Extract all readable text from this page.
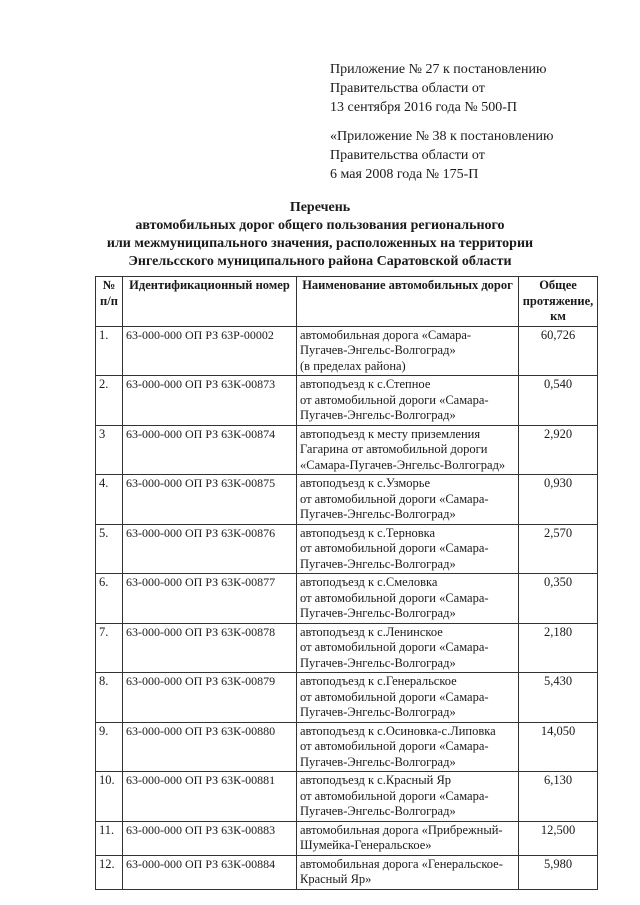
Приложение № 27 к постановлению
Правительства области от
13 сентября 2016 года № 500-П
«Приложение № 38 к постановлению
Правительства области от
6 мая 2008 года № 175-П
Перечень
автомобильных дорог общего пользования регионального
или межмуниципального значения, расположенных на территории
Энгельсского муниципального района Саратовской области
№ п/п	Идентификационный номер	Наименование автомобильных дорог	Общее протяжение, км
1.	63-000-000 ОП РЗ 63Р-00002	автомобильная дорога «Самара-
Пугачев-Энгельс-Волгоград»
(в пределах района)	60,726
2.	63-000-000 ОП РЗ 63К-00873	автоподъезд к с.Степное
от автомобильной дороги «Самара-
Пугачев-Энгельс-Волгоград»	0,540
3	63-000-000 ОП РЗ 63К-00874	автоподъезд к месту приземления
Гагарина от автомобильной дороги
«Самара-Пугачев-Энгельс-Волгоград»	2,920
4.	63-000-000 ОП РЗ 63К-00875	автоподъезд к с.Узморье
от автомобильной дороги «Самара-
Пугачев-Энгельс-Волгоград»	0,930
5.	63-000-000 ОП РЗ 63К-00876	автоподъезд к с.Терновка
от автомобильной дороги «Самара-
Пугачев-Энгельс-Волгоград»	2,570
6.	63-000-000 ОП РЗ 63К-00877	автоподъезд к с.Смеловка
от автомобильной дороги «Самара-
Пугачев-Энгельс-Волгоград»	0,350
7.	63-000-000 ОП РЗ 63К-00878	автоподъезд к с.Ленинское
от автомобильной дороги «Самара-
Пугачев-Энгельс-Волгоград»	2,180
8.	63-000-000 ОП РЗ 63К-00879	автоподъезд к с.Генеральское
от автомобильной дороги «Самара-
Пугачев-Энгельс-Волгоград»	5,430
9.	63-000-000 ОП РЗ 63К-00880	автоподъезд к с.Осиновка-с.Липовка
от автомобильной дороги «Самара-
Пугачев-Энгельс-Волгоград»	14,050
10.	63-000-000 ОП РЗ 63К-00881	автоподъезд к с.Красный Яр
от автомобильной дороги «Самара-
Пугачев-Энгельс-Волгоград»	6,130
11.	63-000-000 ОП РЗ 63К-00883	автомобильная дорога «Прибрежный-
Шумейка-Генеральское»	12,500
12.	63-000-000 ОП РЗ 63К-00884	автомобильная дорога «Генеральское-
Красный Яр»	5,980
